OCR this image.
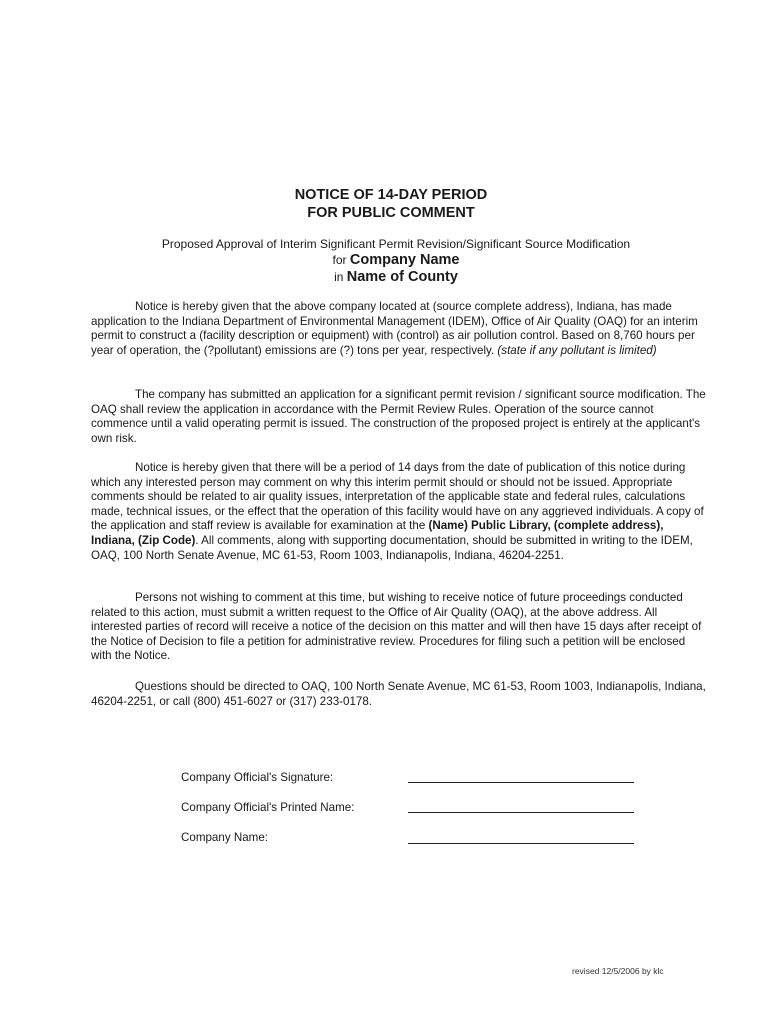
NOTICE OF 14-DAY PERIOD
FOR PUBLIC COMMENT
Proposed Approval of Interim Significant Permit Revision/Significant Source Modification
for Company Name
in Name of County

Notice is hereby given that the above company located at (source complete address), Indiana, has made application to the Indiana Department of Environmental Management (IDEM), Office of Air Quality (OAQ) for an interim permit to construct a (facility description or equipment) with (control) as air pollution control. Based on 8,760 hours per year of operation, the (?pollutant) emissions are (?) tons per year, respectively. (state if any pollutant is limited)

The company has submitted an application for a significant permit revision / significant source modification. The OAQ shall review the application in accordance with the Permit Review Rules. Operation of the source cannot commence until a valid operating permit is issued. The construction of the proposed project is entirely at the applicant's own risk.

Notice is hereby given that there will be a period of 14 days from the date of publication of this notice during which any interested person may comment on why this interim permit should or should not be issued. Appropriate comments should be related to air quality issues, interpretation of the applicable state and federal rules, calculations made, technical issues, or the effect that the operation of this facility would have on any aggrieved individuals. A copy of the application and staff review is available for examination at the (Name) Public Library, (complete address), Indiana, (Zip Code). All comments, along with supporting documentation, should be submitted in writing to the IDEM, OAQ, 100 North Senate Avenue, MC 61-53, Room 1003, Indianapolis, Indiana, 46204-2251.

Persons not wishing to comment at this time, but wishing to receive notice of future proceedings conducted related to this action, must submit a written request to the Office of Air Quality (OAQ), at the above address. All interested parties of record will receive a notice of the decision on this matter and will then have 15 days after receipt of the Notice of Decision to file a petition for administrative review. Procedures for filing such a petition will be enclosed with the Notice.

Questions should be directed to OAQ, 100 North Senate Avenue, MC 61-53, Room 1003, Indianapolis, Indiana, 46204-2251, or call (800) 451-6027 or (317) 233-0178.

Company Official's Signature:
Company Official's Printed Name:
Company Name:
revised 12/5/2006 by klc
